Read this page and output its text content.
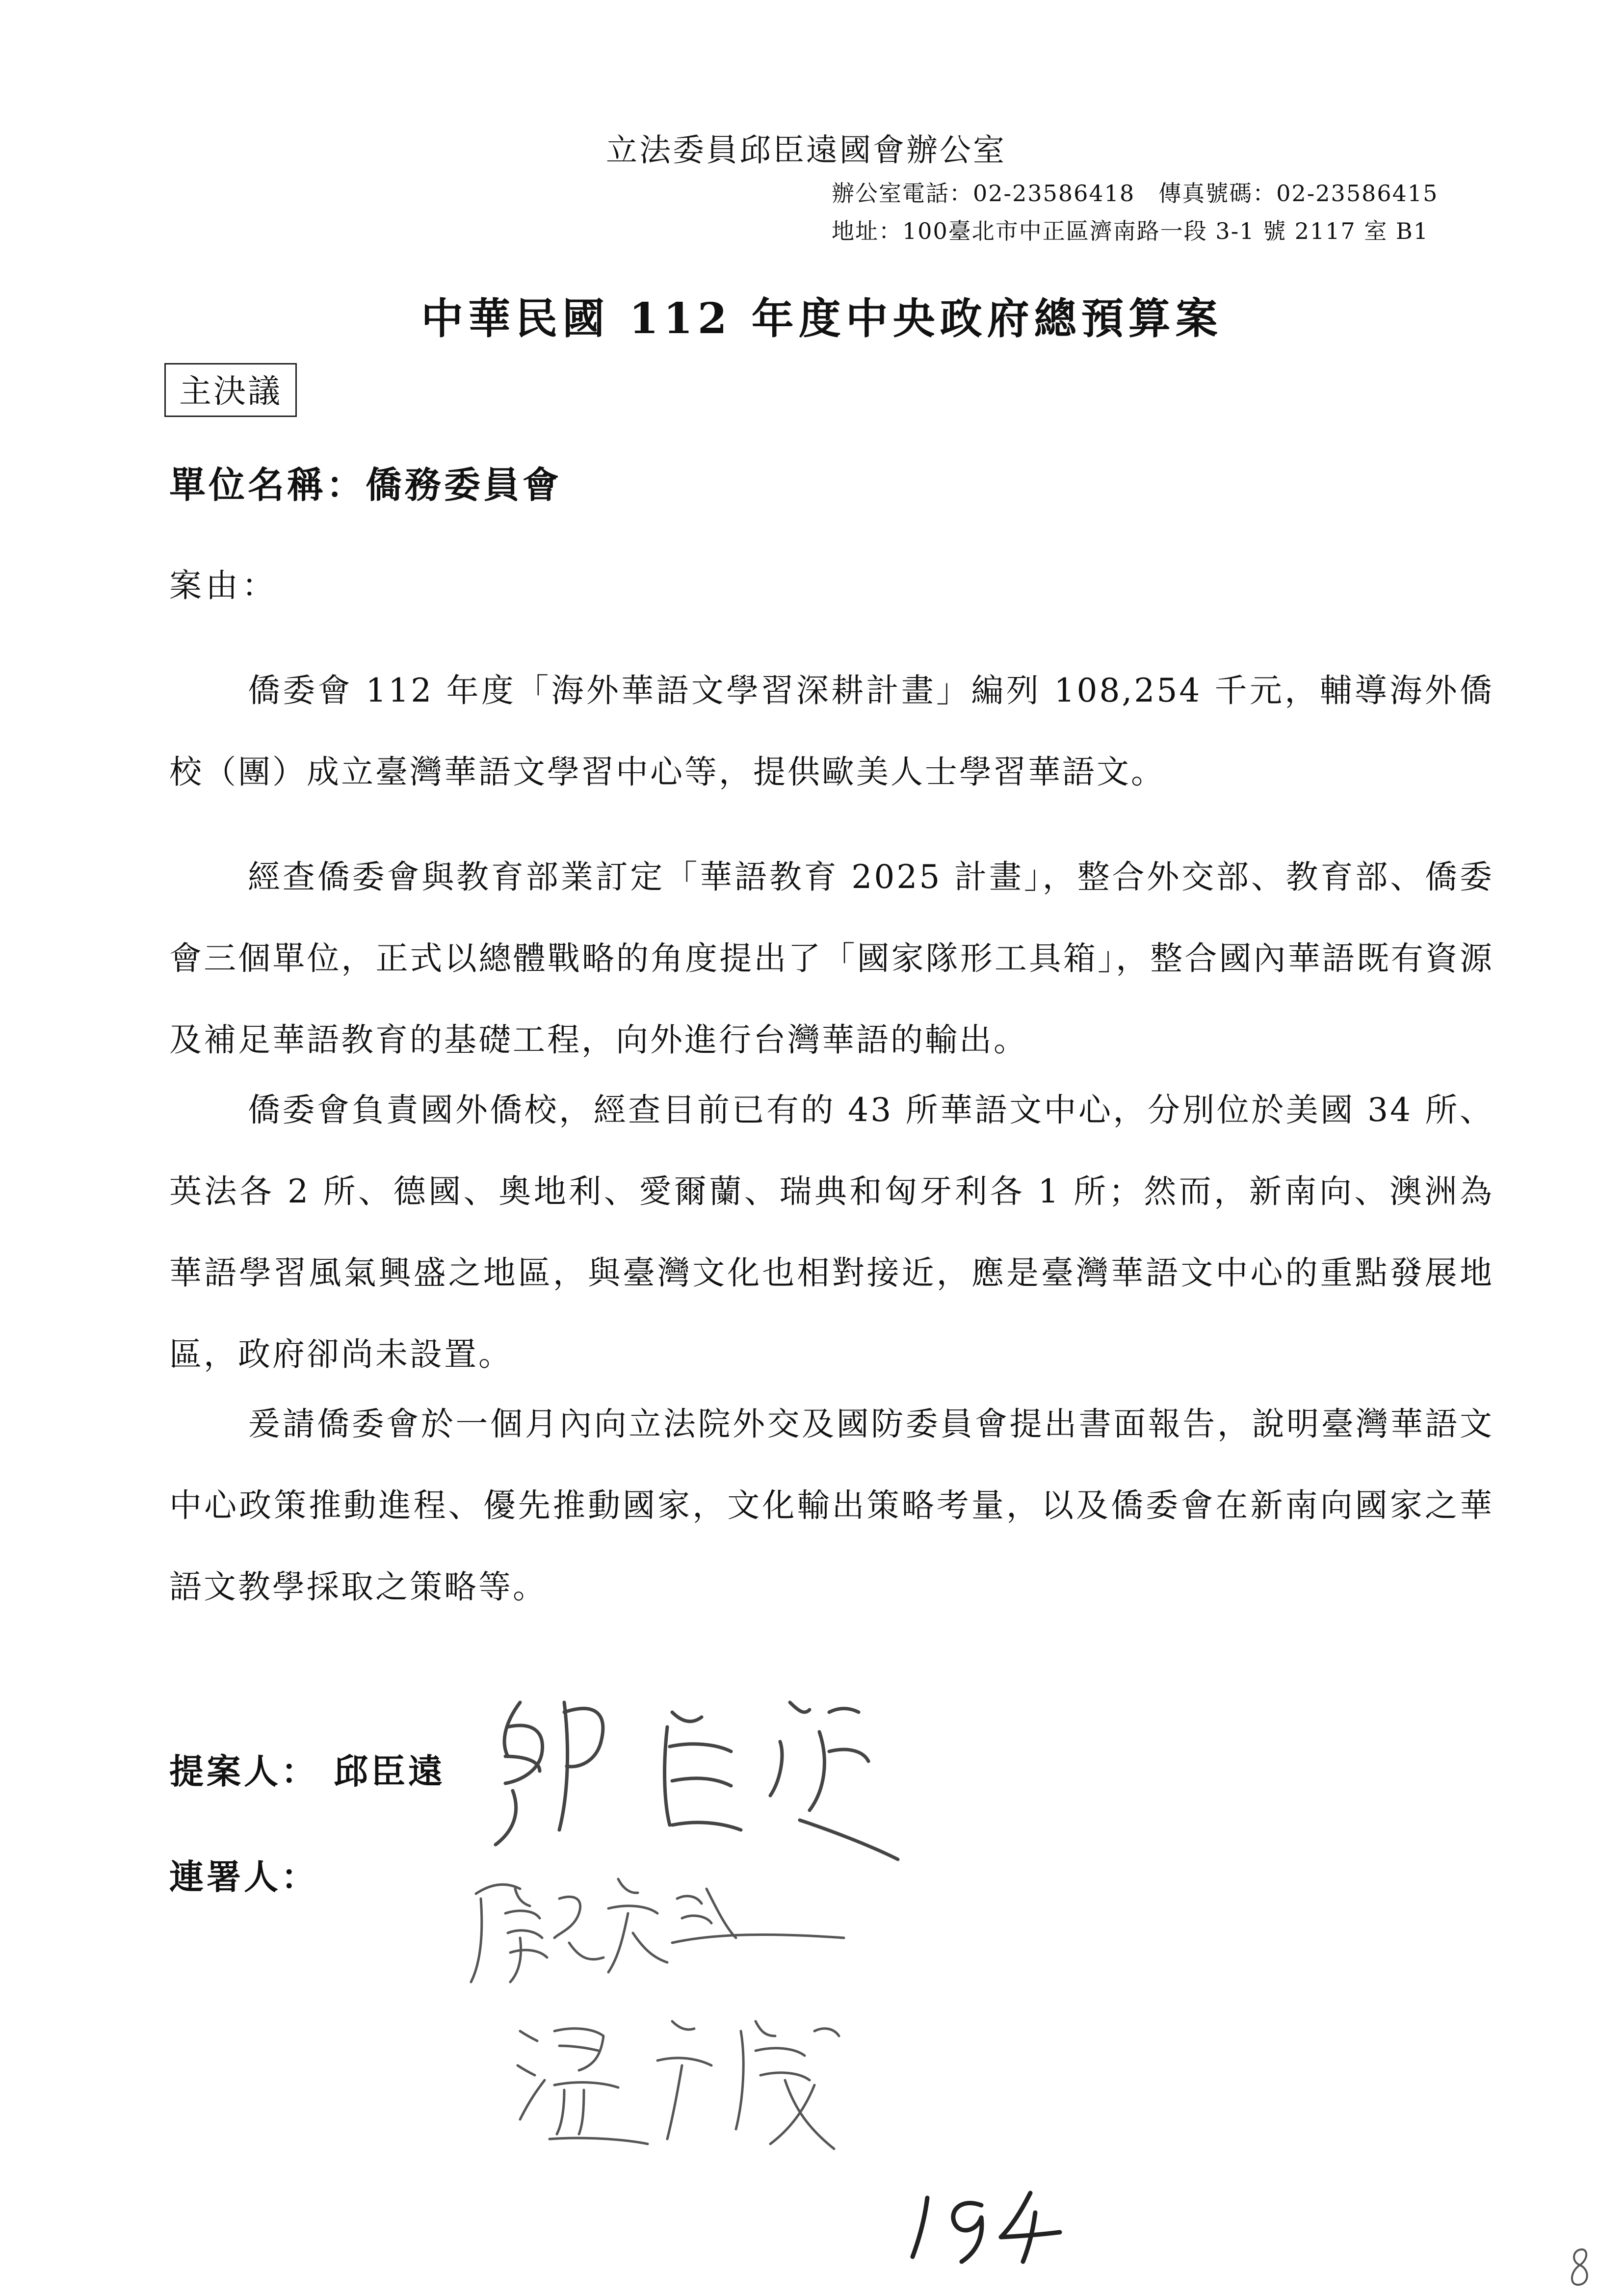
立法委員邱臣遠國會辦公室
辦公室電話：02-23586418　傳真號碼：02-23586415
地址：100臺北市中正區濟南路一段 3-1 號 2117 室 B1
中華民國 112 年度中央政府總預算案
主決議
單位名稱：僑務委員會
案由：
僑委會 112 年度「海外華語文學習深耕計畫」編列 108,254 千元，輔導海外僑校（團）成立臺灣華語文學習中心等，提供歐美人士學習華語文。
經查僑委會與教育部業訂定「華語教育 2025 計畫」，整合外交部、教育部、僑委會三個單位，正式以總體戰略的角度提出了「國家隊形工具箱」，整合國內華語既有資源及補足華語教育的基礎工程，向外進行台灣華語的輸出。
僑委會負責國外僑校，經查目前已有的 43 所華語文中心，分別位於美國 34 所、英法各 2 所、德國、奧地利、愛爾蘭、瑞典和匈牙利各 1 所；然而，新南向、澳洲為華語學習風氣興盛之地區，與臺灣文化也相對接近，應是臺灣華語文中心的重點發展地區，政府卻尚未設置。
爰請僑委會於一個月內向立法院外交及國防委員會提出書面報告，說明臺灣華語文中心政策推動進程、優先推動國家，文化輸出策略考量，以及僑委會在新南向國家之華語文教學採取之策略等。
提案人： 邱臣遠
連署人：
